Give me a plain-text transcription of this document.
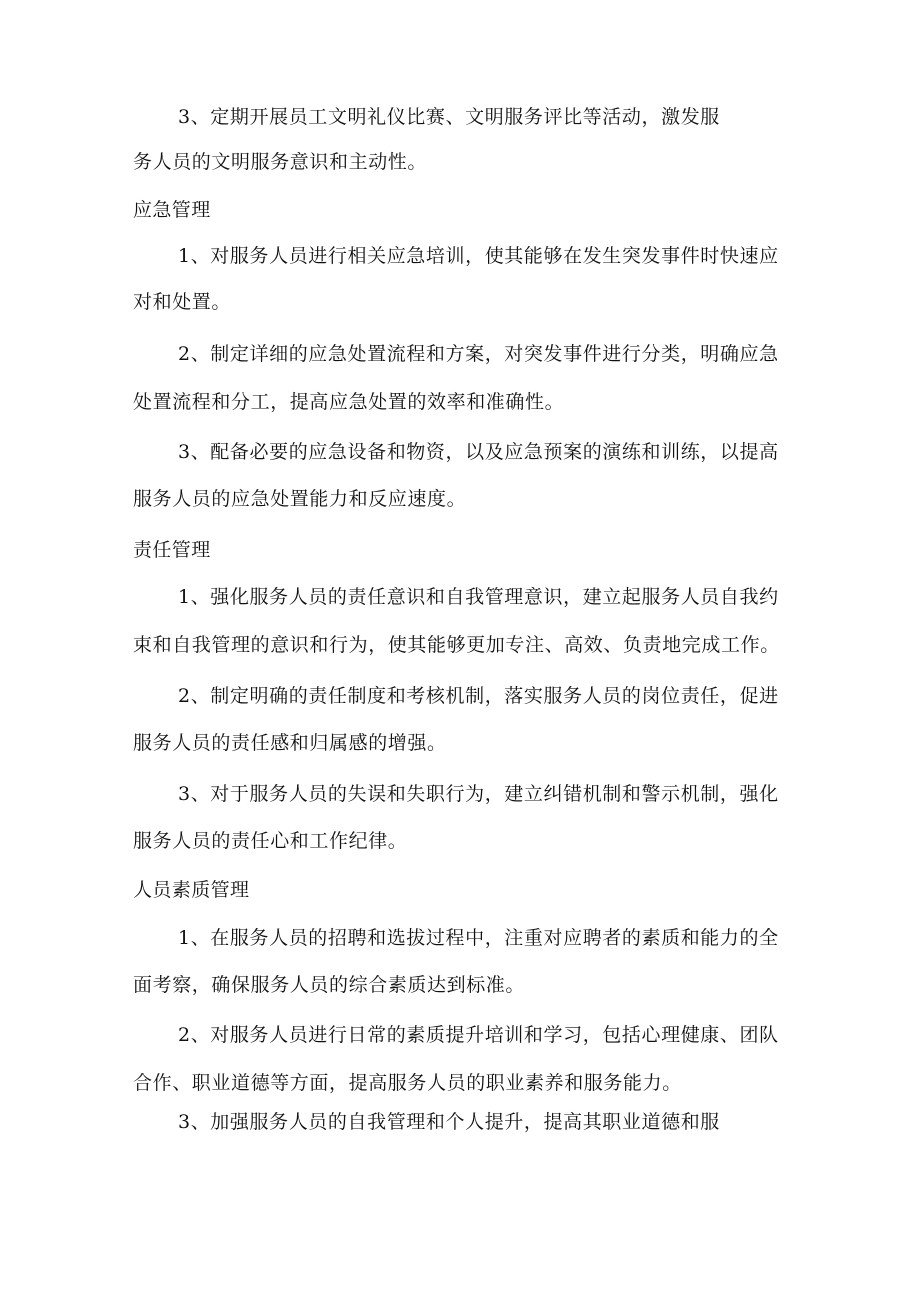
3、定期开展员工文明礼仪比赛、文明服务评比等活动，激发服
务人员的文明服务意识和主动性。
应急管理
1、对服务人员进行相关应急培训，使其能够在发生突发事件时快速应
对和处置。
2、制定详细的应急处置流程和方案，对突发事件进行分类，明确应急
处置流程和分工，提高应急处置的效率和准确性。
3、配备必要的应急设备和物资，以及应急预案的演练和训练，以提高
服务人员的应急处置能力和反应速度。
责任管理
1、强化服务人员的责任意识和自我管理意识，建立起服务人员自我约
束和自我管理的意识和行为，使其能够更加专注、高效、负责地完成工作。
2、制定明确的责任制度和考核机制，落实服务人员的岗位责任，促进
服务人员的责任感和归属感的增强。
3、对于服务人员的失误和失职行为，建立纠错机制和警示机制，强化
服务人员的责任心和工作纪律。
人员素质管理
1、在服务人员的招聘和选拔过程中，注重对应聘者的素质和能力的全
面考察，确保服务人员的综合素质达到标准。
2、对服务人员进行日常的素质提升培训和学习，包括心理健康、团队
合作、职业道德等方面，提高服务人员的职业素养和服务能力。
3、加强服务人员的自我管理和个人提升，提高其职业道德和服
